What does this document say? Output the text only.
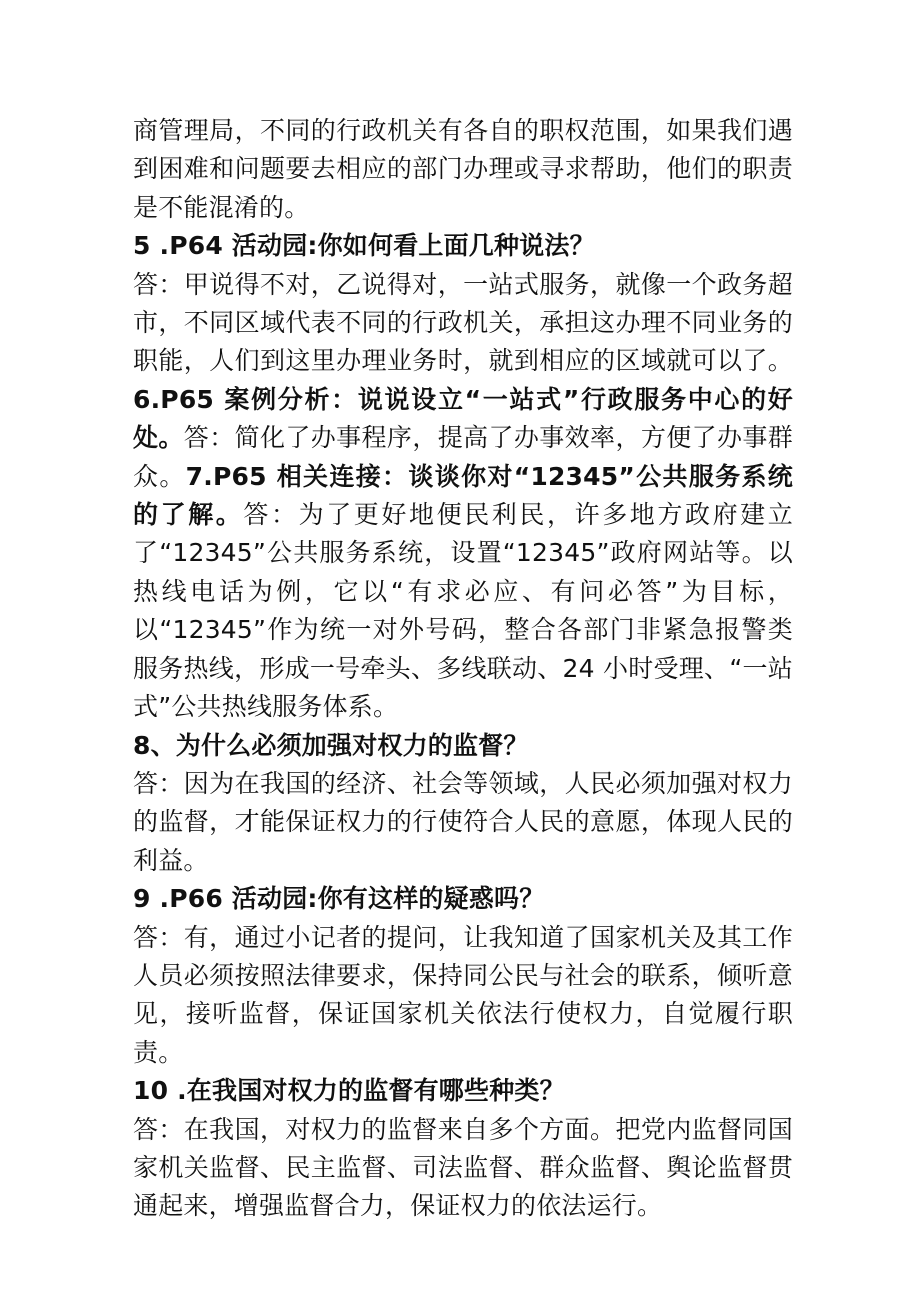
商管理局，不同的行政机关有各自的职权范围，如果我们遇到困难和问题要去相应的部门办理或寻求帮助，他们的职责是不能混淆的。

5 .P64 活动园:你如何看上面几种说法？

答：甲说得不对，乙说得对，一站式服务，就像一个政务超市，不同区域代表不同的行政机关，承担这办理不同业务的职能，人们到这里办理业务时，就到相应的区域就可以了。6.P65 案例分析：说说设立“一站式”行政服务中心的好处。答：简化了办事程序，提高了办事效率，方便了办事群众。7.P65 相关连接：谈谈你对“12345”公共服务系统的了解。答：为了更好地便民利民，许多地方政府建立了“12345”公共服务系统，设置“12345”政府网站等。以热线电话为例，它以“有求必应、有问必答”为目标，以“12345”作为统一对外号码，整合各部门非紧急报警类服务热线，形成一号牵头、多线联动、24 小时受理、“一站式”公共热线服务体系。

8、为什么必须加强对权力的监督？

答：因为在我国的经济、社会等领域，人民必须加强对权力的监督，才能保证权力的行使符合人民的意愿，体现人民的利益。

9 .P66 活动园:你有这样的疑惑吗？

答：有，通过小记者的提问，让我知道了国家机关及其工作人员必须按照法律要求，保持同公民与社会的联系，倾听意见，接听监督，保证国家机关依法行使权力，自觉履行职责。

10 .在我国对权力的监督有哪些种类？

答：在我国，对权力的监督来自多个方面。把党内监督同国家机关监督、民主监督、司法监督、群众监督、舆论监督贯通起来，增强监督合力，保证权力的依法运行。
